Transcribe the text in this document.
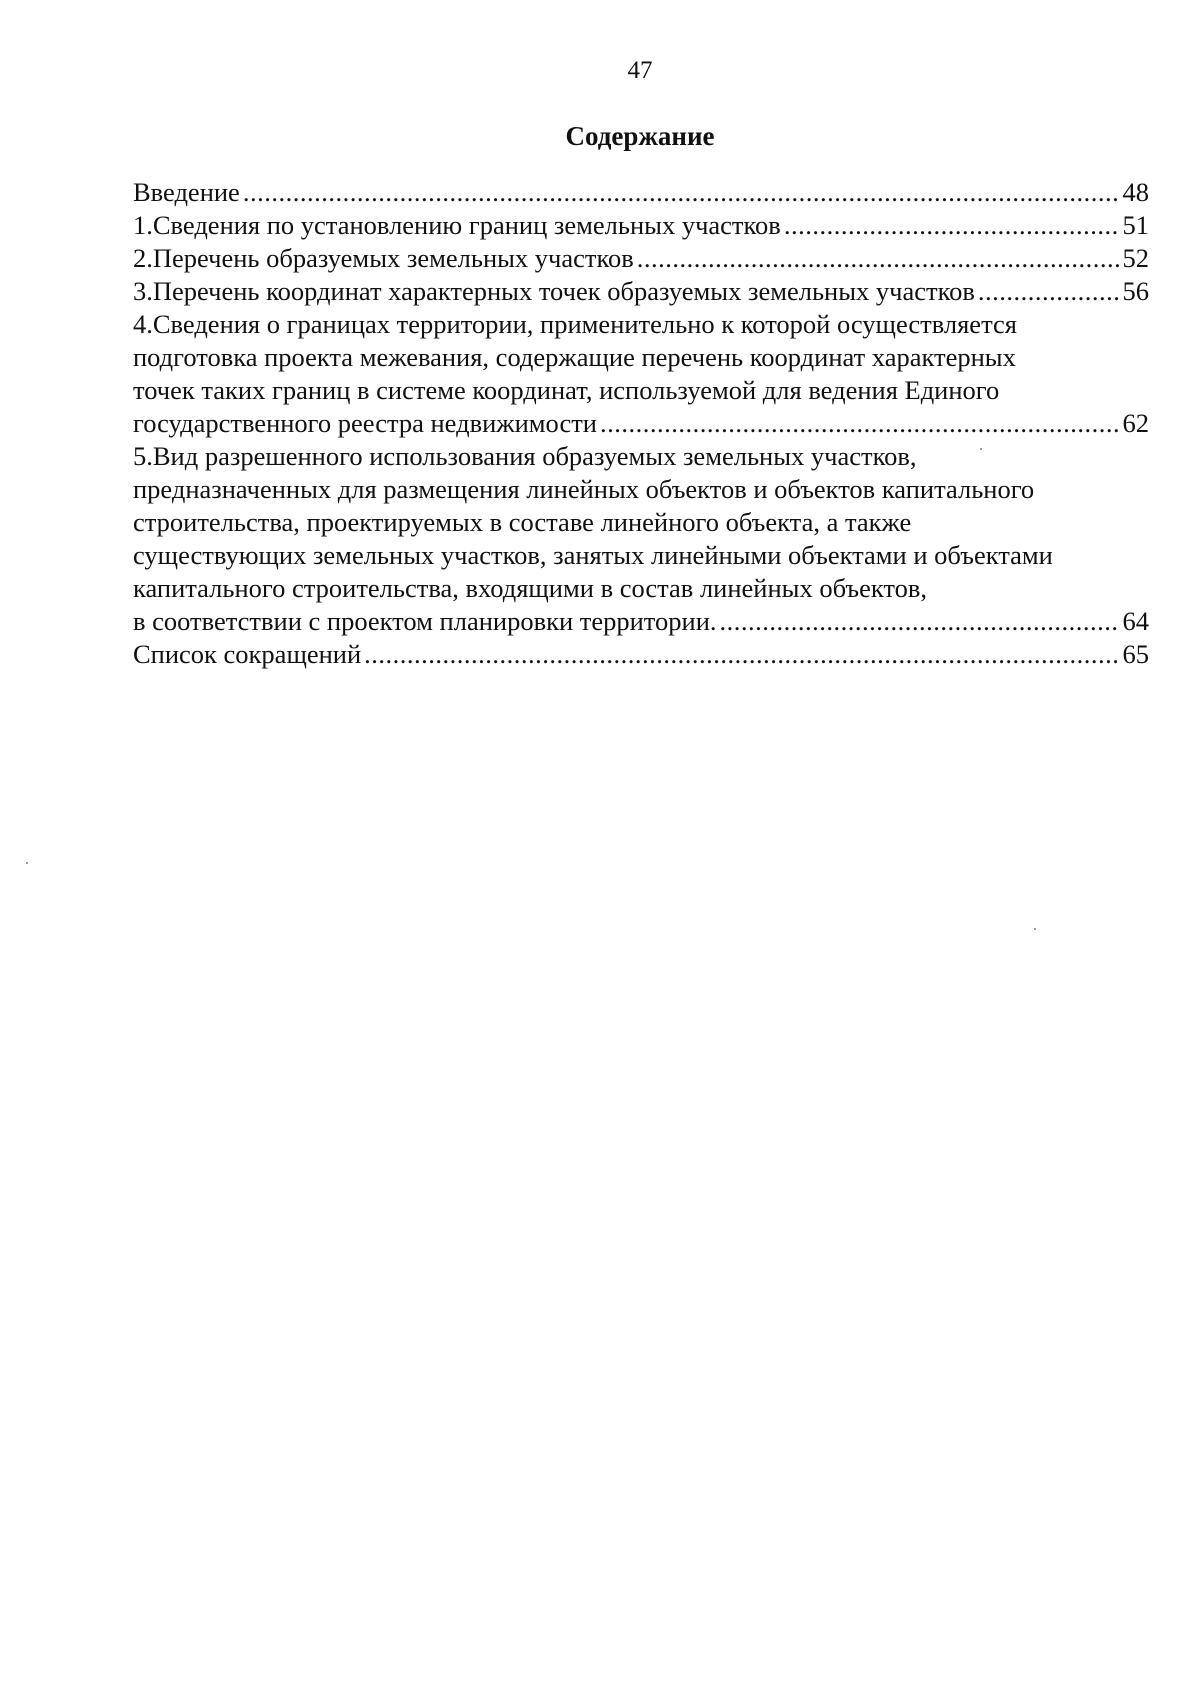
47
Содержание
Введение .....	48
1.Сведения по установлению границ земельных участков .....	51
2.Перечень образуемых земельных участков .....	52
3.Перечень координат характерных точек образуемых земельных участков .....	56
4.Сведения о границах территории, применительно к которой осуществляется
подготовка проекта межевания, содержащие перечень координат характерных
точек таких границ в системе координат, используемой для ведения Единого
государственного реестра недвижимости .....	62
5.Вид разрешенного использования образуемых земельных участков,
предназначенных для размещения линейных объектов и объектов капитального
строительства, проектируемых в составе линейного объекта, а также
существующих земельных участков, занятых линейными объектами и объектами
капитального строительства, входящими в состав линейных объектов,
в соответствии с проектом планировки территории. .....	64
Список сокращений .....	65
